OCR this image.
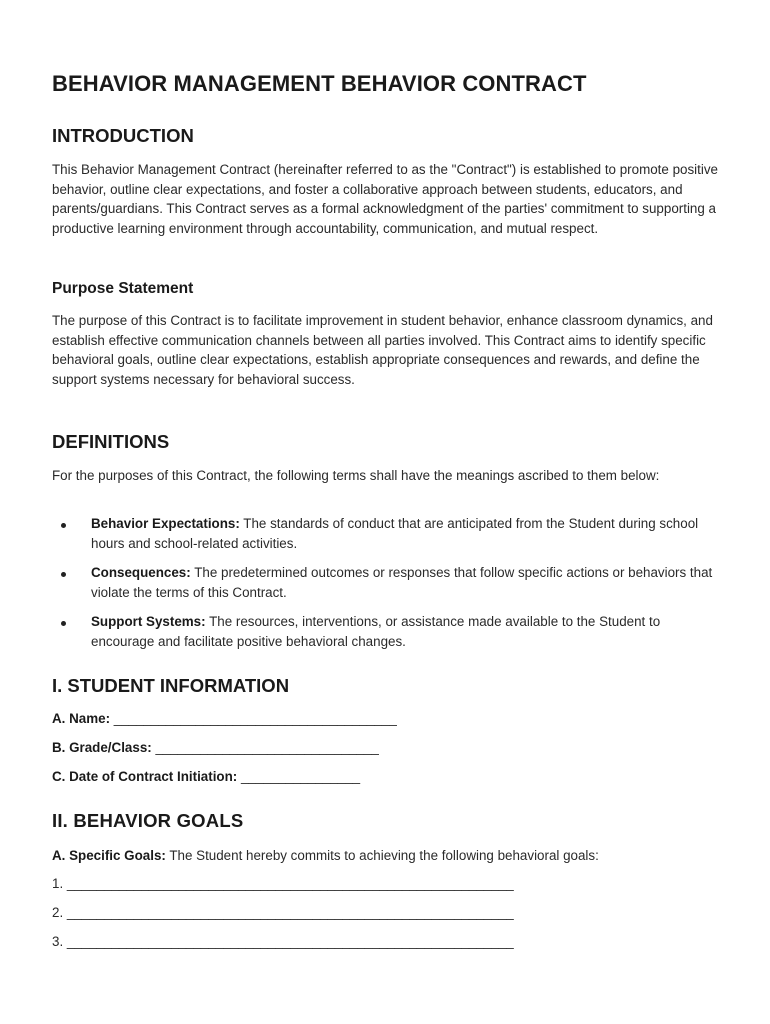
BEHAVIOR MANAGEMENT BEHAVIOR CONTRACT
INTRODUCTION

This Behavior Management Contract (hereinafter referred to as the "Contract") is established to promote positive behavior, outline clear expectations, and foster a collaborative approach between students, educators, and parents/guardians. This Contract serves as a formal acknowledgment of the parties' commitment to supporting a productive learning environment through accountability, communication, and mutual respect.

Purpose Statement

The purpose of this Contract is to facilitate improvement in student behavior, enhance classroom dynamics, and establish effective communication channels between all parties involved. This Contract aims to identify specific behavioral goals, outline clear expectations, establish appropriate consequences and rewards, and define the support systems necessary for behavioral success.

DEFINITIONS

For the purposes of this Contract, the following terms shall have the meanings ascribed to them below:

Behavior Expectations: The standards of conduct that are anticipated from the Student during school hours and school-related activities.
Consequences: The predetermined outcomes or responses that follow specific actions or behaviors that violate the terms of this Contract.
Support Systems: The resources, interventions, or assistance made available to the Student to encourage and facilitate positive behavioral changes.
I. STUDENT INFORMATION

A. Name: ______________________________________

B. Grade/Class: ______________________________

C. Date of Contract Initiation: ________________

II. BEHAVIOR GOALS

A. Specific Goals: The Student hereby commits to achieving the following behavioral goals:

1. ____________________________________________________________

2. ____________________________________________________________

3. ____________________________________________________________
